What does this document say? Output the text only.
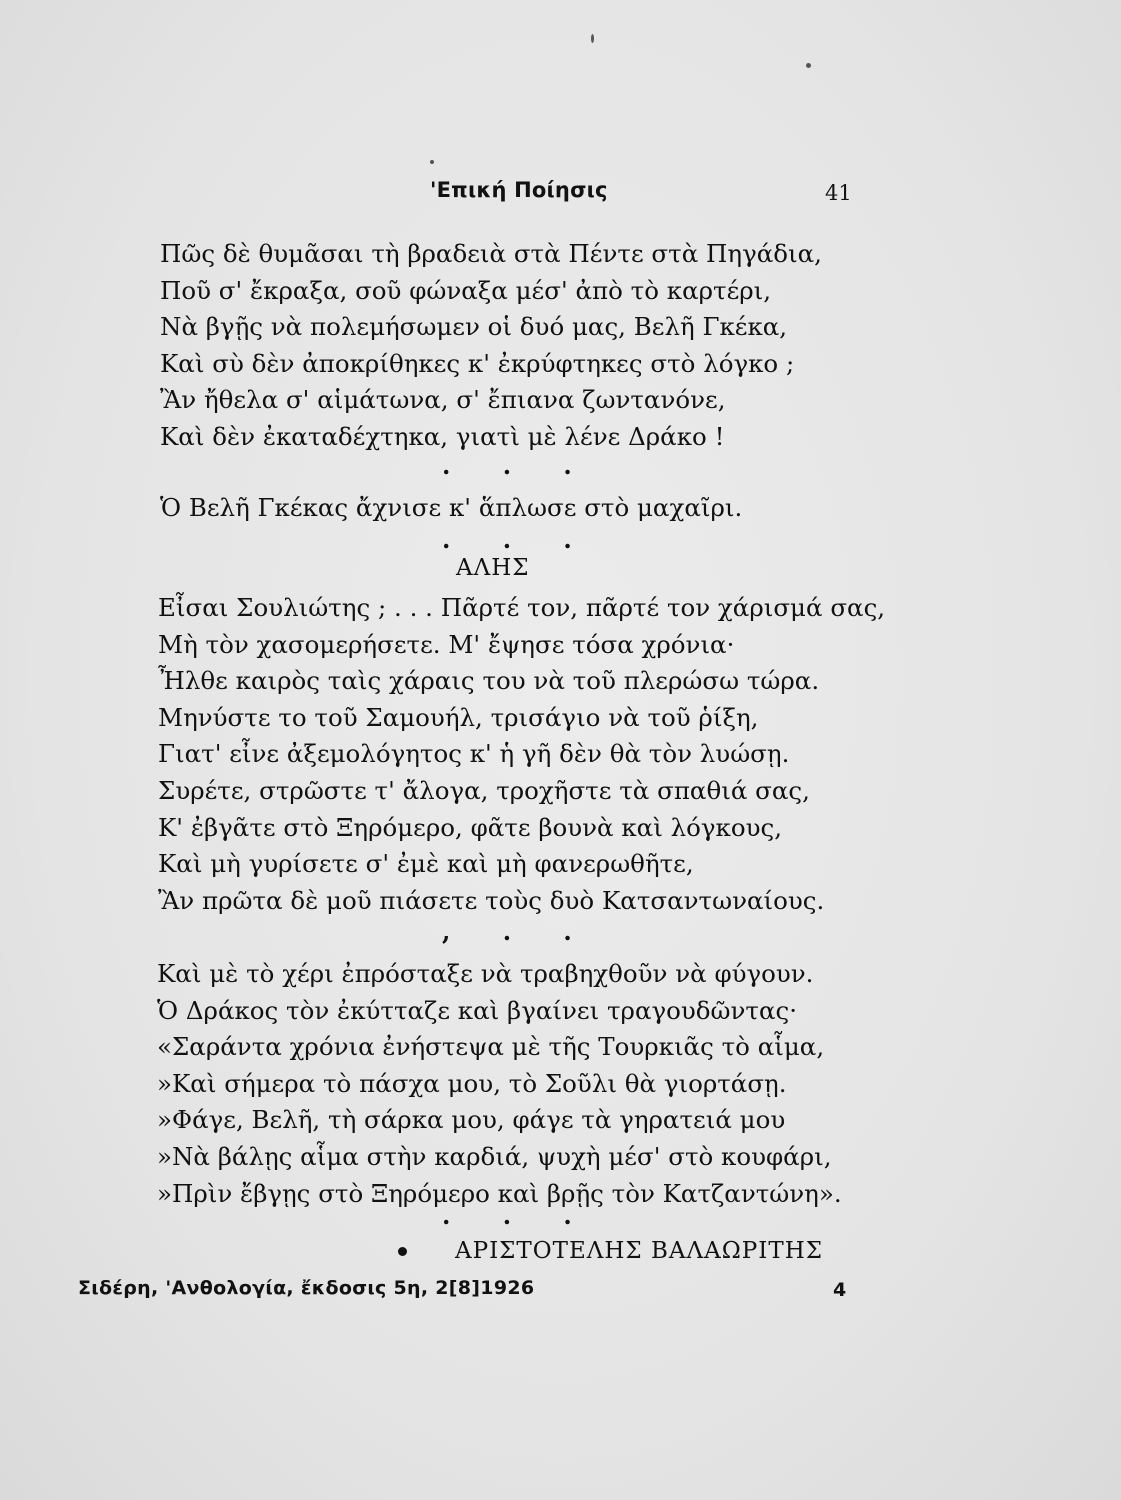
'Επική Ποίησις	41
Πῶς δὲ θυμᾶσαι τὴ βραδειὰ στὰ Πέντε στὰ Πηγάδια,
Ποῦ σ' ἔκραξα, σοῦ φώναξα μέσ' ἀπὸ τὸ καρτέρι,
Νὰ βγῇς νὰ πολεμήσωμεν οἱ δυό μας, Βελῆ Γκέκα,
Καὶ σὺ δὲν ἀποκρίθηκες κ' ἐκρύφτηκες στὸ λόγκο ;
Ἂν ἤθελα σ' αἱμάτωνα, σ' ἔπιανα ζωντανόνε,
Καὶ δὲν ἐκαταδέχτηκα, γιατὶ μὲ λένε Δράκο !
. . .
Ὁ Βελῆ Γκέκας ἄχνισε κ' ἅπλωσε στὸ μαχαῖρι.
. . .
ΑΛΗΣ
Εἶσαι Σουλιώτης ; . . . Πᾶρτέ τον, πᾶρτέ τον χάρισμά σας,
Μὴ τὸν χασομερήσετε. Μ' ἔψησε τόσα χρόνια·
Ἦλθε καιρὸς ταὶς χάραις του νὰ τοῦ πλερώσω τώρα.
Μηνύστε το τοῦ Σαμουήλ, τρισάγιο νὰ τοῦ ῥίξη,
Γιατ' εἶνε ἀξεμολόγητος κ' ἡ γῆ δὲν θὰ τὸν λυώσῃ.
Συρέτε, στρῶστε τ' ἄλογα, τροχῆστε τὰ σπαθιά σας,
Κ' ἐβγᾶτε στὸ Ξηρόμερο, φᾶτε βουνὰ καὶ λόγκους,
Καὶ μὴ γυρίσετε σ' ἐμὲ καὶ μὴ φανερωθῆτε,
Ἂν πρῶτα δὲ μοῦ πιάσετε τοὺς δυὸ Κατσαντωναίους.
, . .
Καὶ μὲ τὸ χέρι ἐπρόσταξε νὰ τραβηχθοῦν νὰ φύγουν.
Ὁ Δράκος τὸν ἐκύτταζε καὶ βγαίνει τραγουδῶντας·
«Σαράντα χρόνια ἐνήστεψα μὲ τῆς Τουρκιᾶς τὸ αἷμα,
»Καὶ σήμερα τὸ πάσχα μου, τὸ Σοῦλι θὰ γιορτάσῃ.
»Φάγε, Βελῆ, τὴ σάρκα μου, φάγε τὰ γηρατειά μου
»Νὰ βάλῃς αἷμα στὴν καρδιά, ψυχὴ μέσ' στὸ κουφάρι,
»Πρὶν ἔβγῃς στὸ Ξηρόμερο καὶ βρῇς τὸν Κατζαντώνη».
. . .
ΑΡΙΣΤΟΤΕΛΗΣ ΒΑΛΑΩΡΙΤΗΣ
Σιδέρη, 'Ανθολογία, ἔκδοσις 5η, 2[8]1926	4
